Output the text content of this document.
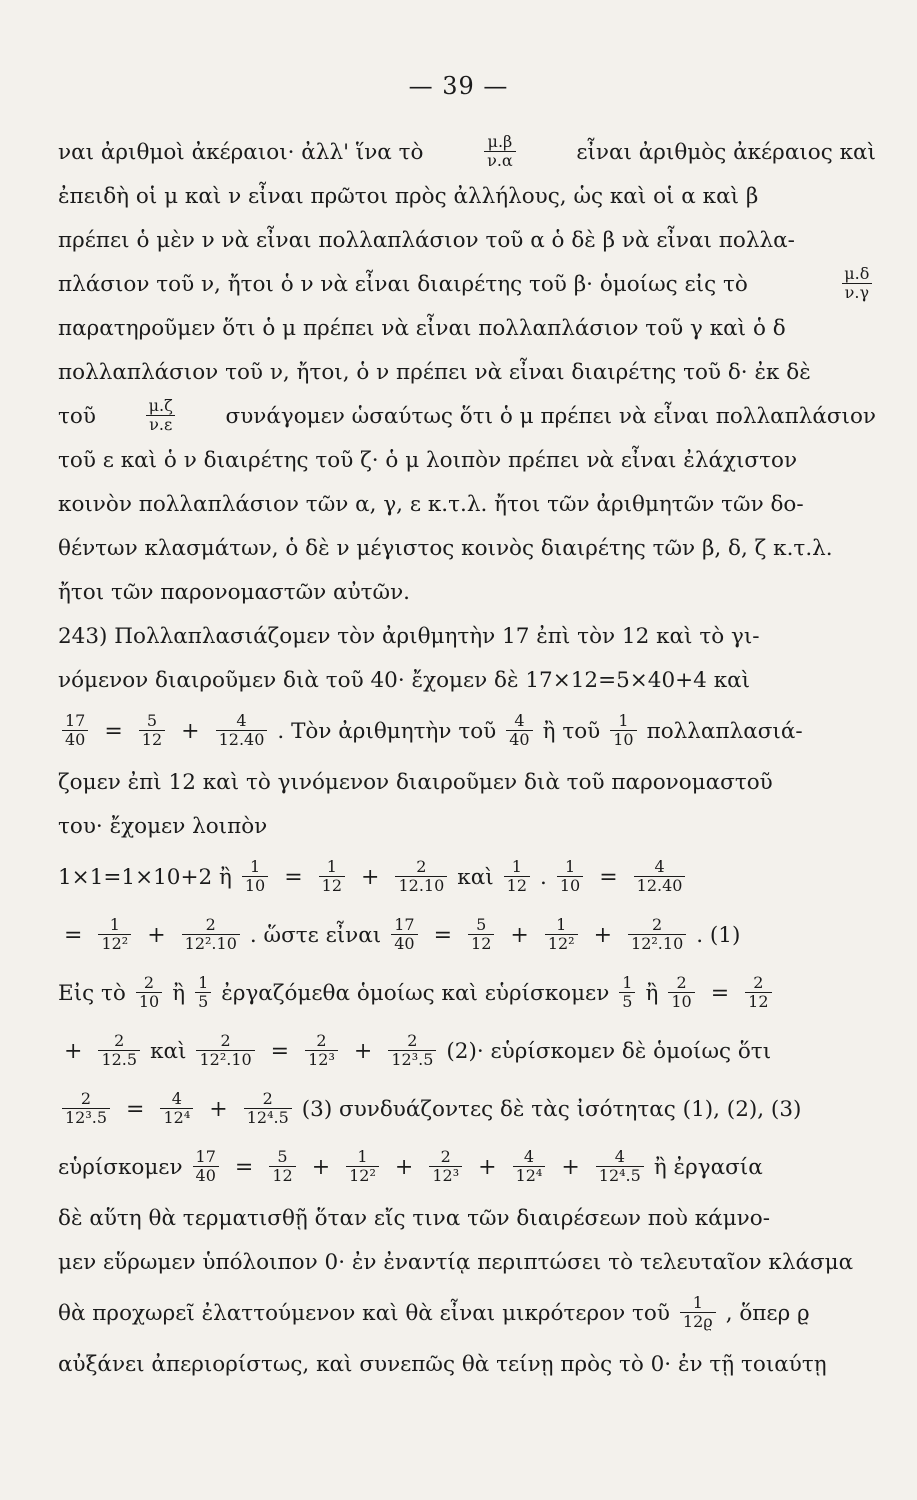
— 39 —
ναι ἀριθμοὶ ἀκέραιοι· ἀλλ' ἵνα τὸ	$\frac{\mu.\beta}{\nu.\alpha}$	εἶναι ἀριθμὸς ἀκέραιος καὶ
ἐπειδὴ οἱ μ καὶ ν εἶναι πρῶτοι πρὸς ἀλλήλους, ὡς καὶ οἱ α καὶ β
πρέπει ὁ μὲν ν νὰ εἶναι πολλαπλάσιον τοῦ α ὁ δὲ β νὰ εἶναι πολλα-
πλάσιον τοῦ ν, ἤτοι ὁ ν νὰ εἶναι διαιρέτης τοῦ β· ὁμοίως εἰς τὸ	$\frac{\mu.\delta}{\nu.\gamma}$
παρατηροῦμεν ὅτι ὁ μ πρέπει νὰ εἶναι πολλαπλάσιον τοῦ γ καὶ ὁ δ
πολλαπλάσιον τοῦ ν, ἤτοι, ὁ ν πρέπει νὰ εἶναι διαιρέτης τοῦ δ· ἐκ δὲ
τοῦ	$\frac{\mu.\zeta}{\nu.\varepsilon}$ συνάγομεν ὡσαύτως ὅτι ὁ μ πρέπει νὰ εἶναι πολλαπλάσιον
τοῦ ε καὶ ὁ ν διαιρέτης τοῦ ζ· ὁ μ λοιπὸν πρέπει νὰ εἶναι ἐλάχιστον
κοινὸν πολλαπλάσιον τῶν α, γ, ε κ.τ.λ. ἤτοι τῶν ἀριθμητῶν τῶν δο-
θέντων κλασμάτων, ὁ δὲ ν μέγιστος κοινὸς διαιρέτης τῶν β, δ, ζ κ.τ.λ.
ἤτοι τῶν παρονομαστῶν αὐτῶν.
243) Πολλαπλασιάζομεν τὸν ἀριθμητὴν 17 ἐπὶ τὸν 12 καὶ τὸ γι-
νόμενον διαιροῦμεν διὰ τοῦ 40· ἔχομεν δὲ 17×12=5×40+4 καὶ
$\frac{17}{40} = \frac{5}{12} + \frac{4}{12.40}$ . Τὸν ἀριθμητὴν τοῦ $\frac{4}{40}$ ἢ τοῦ $\frac{1}{10} \pi o\lambda\lambda\alpha\pi\lambda\alpha\sigma\iota ά-$
ζομεν ἐπὶ 12 καὶ τὸ γινόμενον διαιροῦμεν διὰ τοῦ παρονομαστοῦ
του· ἔχομεν λοιπὸν
1×1=1×10+2 ἢ $\frac{1}{10} = \frac{1}{12} + \frac{2}{12.10}$ καὶ $\frac{1}{12}$ . $\frac{1}{10} = \frac{4}{12.40}$
= $\frac{1}{\text{12²}} + \frac{2}{\text{12².10}}$ . ὥστε εἶναι $\frac{17}{40} = \frac{5}{12} + \frac{1}{\text{12²}} + \frac{2}{\text{12².10}}$ . (1)
Εἰς τὸ $\frac{2}{10}$ ἢ $\frac{1}{5}$ ἐργαζόμεθα ὁμοίως καὶ εὑρίσκομεν $\frac{1}{5}$ ἢ $\frac{2}{10} = \frac{2}{12}$
+ $\frac{2}{12.5}$ καὶ $\frac{2}{\text{12².10}} = \frac{2}{\text{12³}} + \frac{2}{\text{12³.5}} (2)\cdot$ εὑρίσκομεν δὲ ὁμοίως ὅτι
$\frac{2}{\text{12³.5}} = \frac{4}{\text{12⁴}} + \frac{2}{\text{12⁴.5}} (3)$ συνδυάζοντες δὲ τὰς ἰσότητας (1), (2), (3)
εὑρίσκομεν $\frac{17}{40} = \frac{5}{12} + \frac{1}{\text{12²}} + \frac{2}{\text{12³}} + \frac{4}{\text{12⁴}} + \frac{4}{\text{12⁴.5}}$ ἢ ἐργασία
δὲ αὕτη θὰ τερματισθῇ ὅταν εἴς τινα τῶν διαιρέσεων ποὺ κάμνο-
μεν εὕρωμεν ὑπόλοιπον 0· ἐν ἐναντίᾳ περιπτώσει τὸ τελευταῖον κλάσμα
θὰ προχωρεῖ ἐλαττούμενον καὶ θὰ εἶναι μικρότερον τοῦ $\frac{1}{12ϱ}$ , ὅπερ ϱ
αὐξάνει ἀπεριορίστως, καὶ συνεπῶς θὰ τείνῃ πρὸς τὸ 0· ἐν τῇ τοιαύτῃ
